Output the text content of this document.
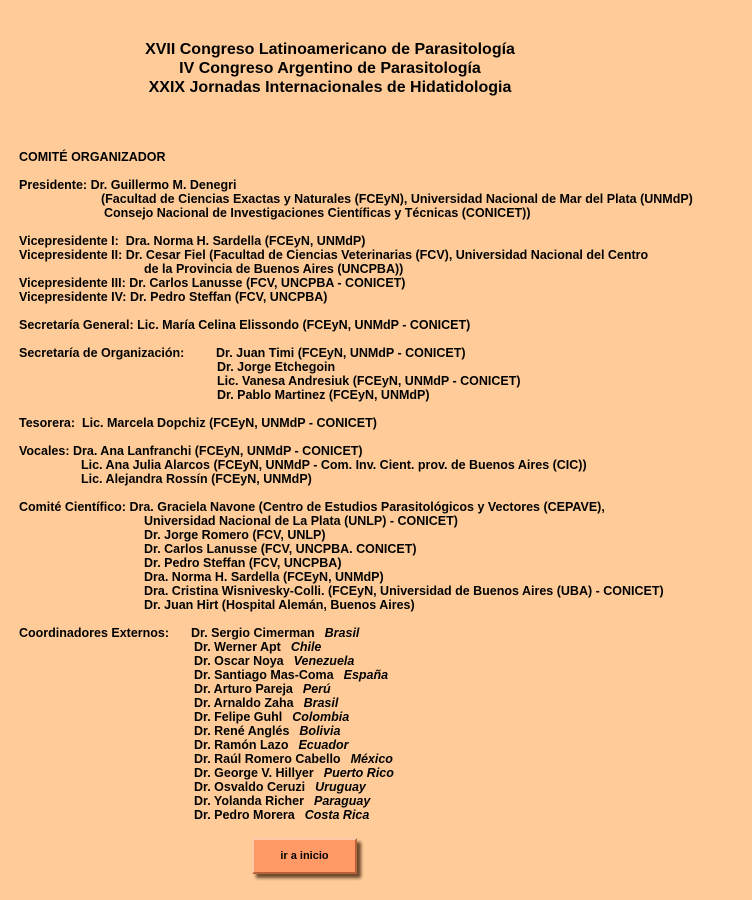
XVII Congreso Latinoamericano de Parasitología
IV Congreso Argentino de Parasitología
XXIX Jornadas Internacionales de Hidatidologia
COMITÉ ORGANIZADOR
Presidente: Dr. Guillermo M. Denegri
(Facultad de Ciencias Exactas y Naturales (FCEyN), Universidad Nacional de Mar del Plata (UNMdP)
Consejo Nacional de Investigaciones Científicas y Técnicas (CONICET))
Vicepresidente I: Dra. Norma H. Sardella (FCEyN, UNMdP)
Vicepresidente II: Dr. Cesar Fiel (Facultad de Ciencias Veterinarias (FCV), Universidad Nacional del Centro
de la Provincia de Buenos Aires (UNCPBA))
Vicepresidente III: Dr. Carlos Lanusse (FCV, UNCPBA - CONICET)
Vicepresidente IV: Dr. Pedro Steffan (FCV, UNCPBA)
Secretaría General: Lic. María Celina Elissondo (FCEyN, UNMdP - CONICET)
Secretaría de Organización:	Dr. Juan Timi (FCEyN, UNMdP - CONICET)
Dr. Jorge Etchegoin
Lic. Vanesa Andresiuk (FCEyN, UNMdP - CONICET)
Dr. Pablo Martinez (FCEyN, UNMdP)
Tesorera: Lic. Marcela Dopchiz (FCEyN, UNMdP - CONICET)
Vocales: Dra. Ana Lanfranchi (FCEyN, UNMdP - CONICET)
Lic. Ana Julia Alarcos (FCEyN, UNMdP - Com. Inv. Cient. prov. de Buenos Aires (CIC))
Lic. Alejandra Rossín (FCEyN, UNMdP)
Comité Científico: Dra. Graciela Navone (Centro de Estudios Parasitológicos y Vectores (CEPAVE),
Universidad Nacional de La Plata (UNLP) - CONICET)
Dr. Jorge Romero (FCV, UNLP)
Dr. Carlos Lanusse (FCV, UNCPBA. CONICET)
Dr. Pedro Steffan (FCV, UNCPBA)
Dra. Norma H. Sardella (FCEyN, UNMdP)
Dra. Cristina Wisnivesky-Colli. (FCEyN, Universidad de Buenos Aires (UBA) - CONICET)
Dr. Juan Hirt (Hospital Alemán, Buenos Aires)
Coordinadores Externos: Dr. Sergio Cimerman Brasil
Dr. Werner Apt Chile
Dr. Oscar Noya Venezuela
Dr. Santiago Mas-Coma España
Dr. Arturo Pareja Perú
Dr. Arnaldo Zaha Brasil
Dr. Felipe Guhl Colombia
Dr. René Anglés Bolivia
Dr. Ramón Lazo Ecuador
Dr. Raúl Romero Cabello México
Dr. George V. Hillyer Puerto Rico
Dr. Osvaldo Ceruzi Uruguay
Dr. Yolanda Richer Paraguay
Dr. Pedro Morera Costa Rica
ir a inicio
